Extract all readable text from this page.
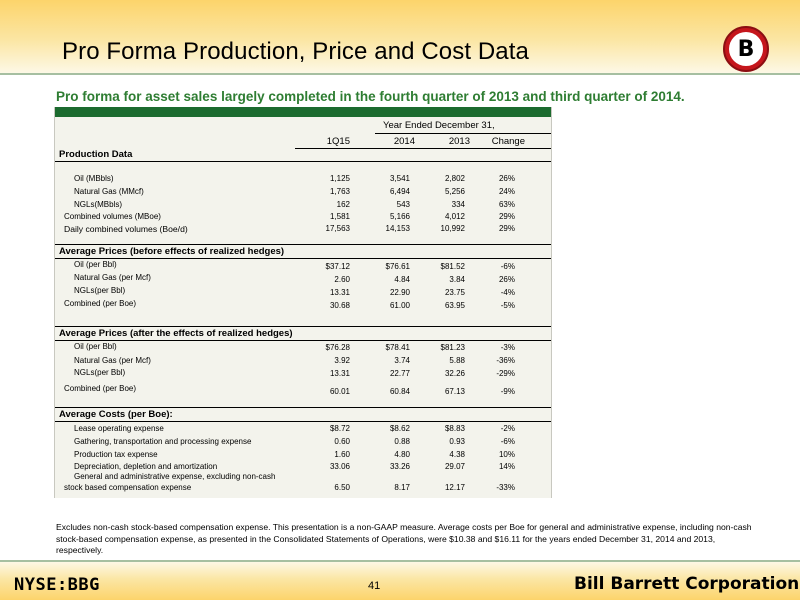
Pro Forma Production, Price and Cost Data	B
Pro forma for asset sales largely completed in the fourth quarter of 2013 and third quarter of 2014.
Year Ended December 31,
1Q15	2014	2013	Change
Production Data
Oil (MBbls)	1,125	3,541	2,802	26%
Natural Gas (MMcf)	1,763	6,494	5,256	24%
NGLs(MBbls)	162	543	334	63%
Combined volumes (MBoe)	1,581	5,166	4,012	29%
Daily combined volumes (Boe/d)	17,563	14,153	10,992	29%
Average Prices (before effects of realized hedges)
Oil (per Bbl)	$37.12	$76.61	$81.52	-6%
Natural Gas (per Mcf)	2.60	4.84	3.84	26%
NGLs(per Bbl)	13.31	22.90	23.75	-4%
Combined (per Boe)	30.68	61.00	63.95	-5%
Average Prices (after the effects of realized hedges)
Oil (per Bbl)	$76.28	$78.41	$81.23	-3%
Natural Gas (per Mcf)	3.92	3.74	5.88	-36%
NGLs(per Bbl)	13.31	22.77	32.26	-29%
Combined (per Boe)	60.01	60.84	67.13	-9%
Average Costs (per Boe):
Lease operating expense	$8.72	$8.62	$8.83	-2%
Gathering, transportation and processing expense	0.60	0.88	0.93	-6%
Production tax expense	1.60	4.80	4.38	10%
Depreciation, depletion and amortization	33.06	33.26	29.07	14%
General and administrative expense, excluding non-cash
stock based compensation expense	6.50	8.17	12.17	-33%
Excludes non-cash stock-based compensation expense. This presentation is a non-GAAP measure. Average costs per Boe for general and administrative expense, including non-cash stock-based compensation expense, as presented in the Consolidated Statements of Operations, were $10.38 and $16.11 for the years ended December 31, 2014 and 2013, respectively.
NYSE:BBG	41	Bill Barrett Corporation
